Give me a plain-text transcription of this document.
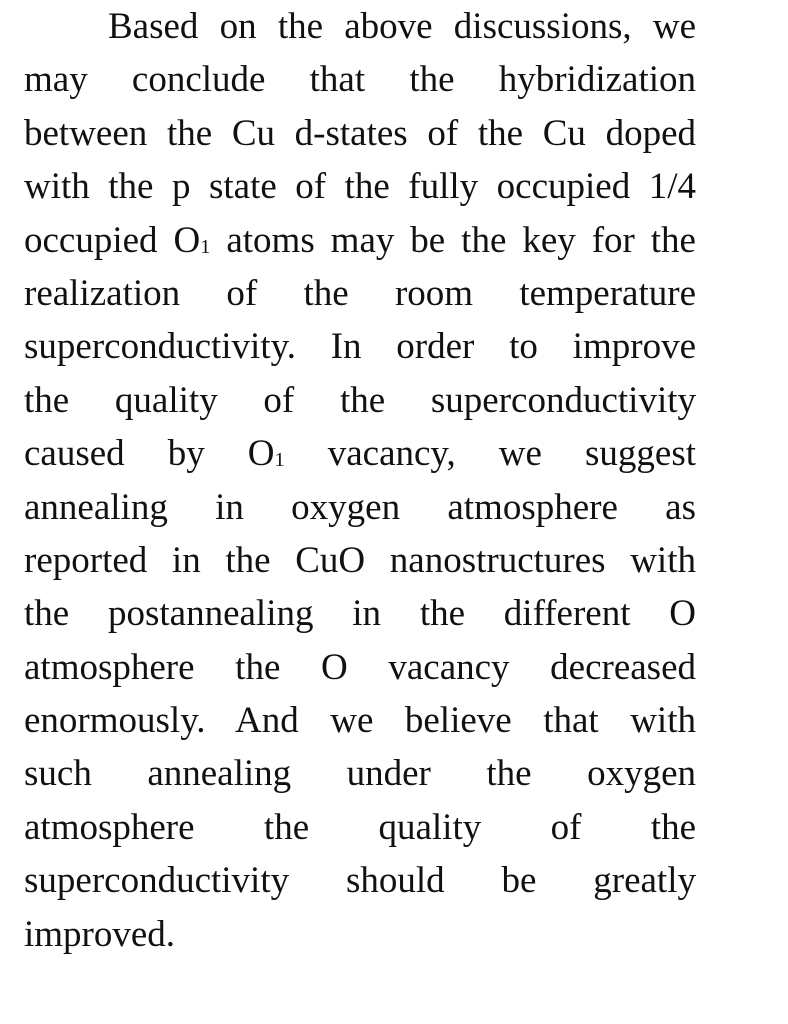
Based on the above discussions, we
may conclude that the hybridization
between the Cu d-states of the Cu doped
with the p state of the fully occupied 1/4
occupied O1 atoms may be the key for the
realization of the room temperature
superconductivity. In order to improve
the quality of the superconductivity
caused by O1 vacancy, we suggest
annealing in oxygen atmosphere as
reported in the CuO nanostructures with
the postannealing in the different O
atmosphere the O vacancy decreased
enormously. And we believe that with
such annealing under the oxygen
atmosphere the quality of the
superconductivity should be greatly
improved.
